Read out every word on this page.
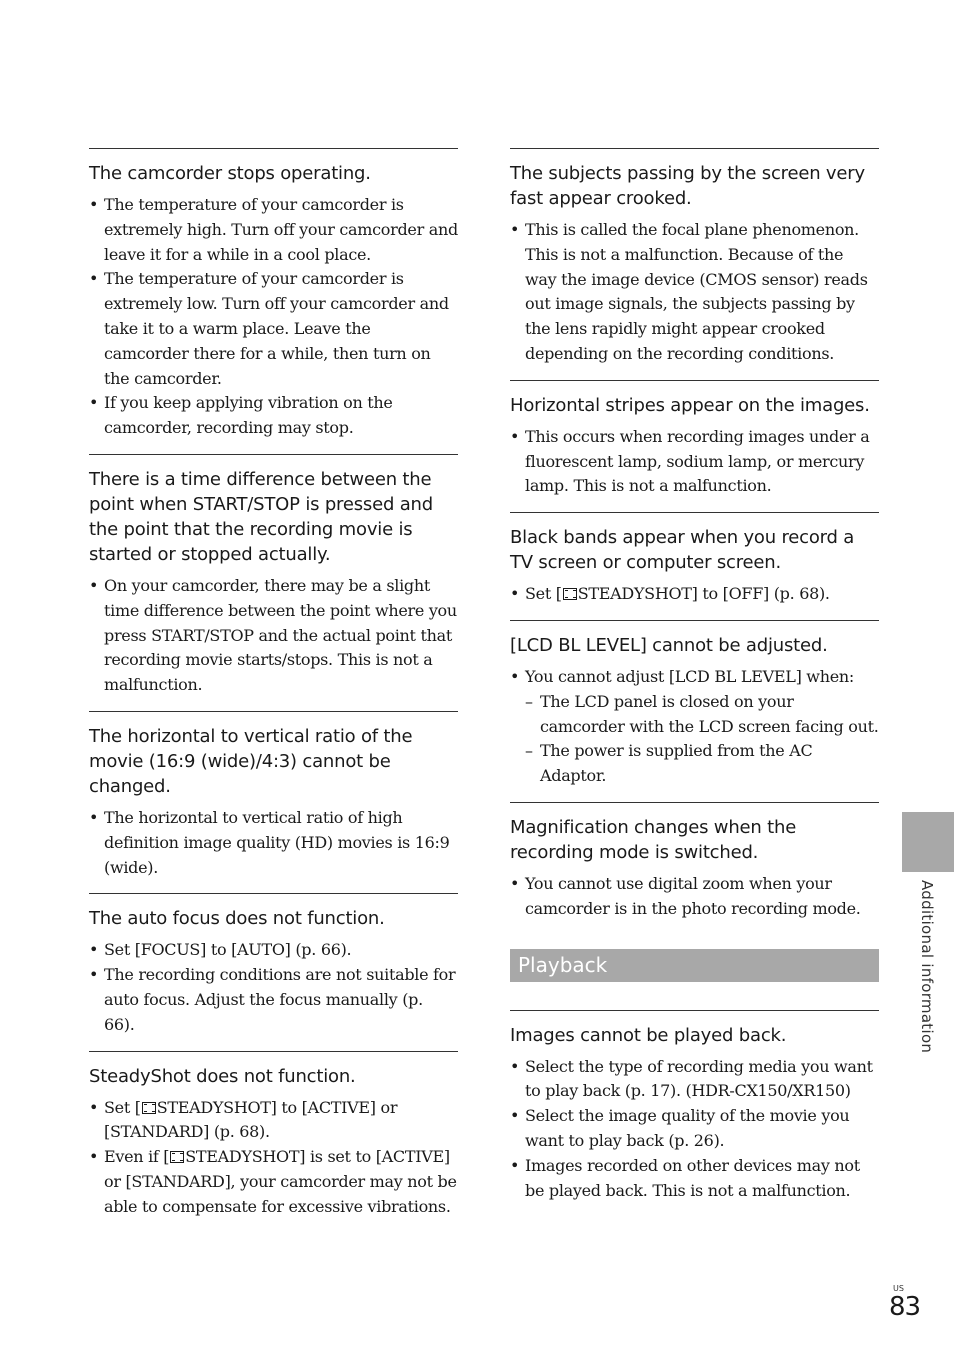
The camcorder stops operating.
• The temperature of your camcorder is extremely high. Turn off your camcorder and leave it for a while in a cool place.
• The temperature of your camcorder is extremely low. Turn off your camcorder and take it to a warm place. Leave the camcorder there for a while, then turn on the camcorder.
• If you keep applying vibration on the camcorder, recording may stop.
There is a time difference between the point when START/STOP is pressed and the point that the recording movie is started or stopped actually.
• On your camcorder, there may be a slight time difference between the point where you press START/STOP and the actual point that recording movie starts/stops. This is not a malfunction.
The horizontal to vertical ratio of the movie (16:9 (wide)/4:3) cannot be changed.
• The horizontal to vertical ratio of high definition image quality (HD) movies is 16:9 (wide).
The auto focus does not function.
• Set [FOCUS] to [AUTO] (p. 66).
• The recording conditions are not suitable for auto focus. Adjust the focus manually (p. 66).
SteadyShot does not function.
• Set [ STEADYSHOT] to [ACTIVE] or [STANDARD] (p. 68).
• Even if [ STEADYSHOT] is set to [ACTIVE] or [STANDARD], your camcorder may not be able to compensate for excessive vibrations.
The subjects passing by the screen very fast appear crooked.
• This is called the focal plane phenomenon. This is not a malfunction. Because of the way the image device (CMOS sensor) reads out image signals, the subjects passing by the lens rapidly might appear crooked depending on the recording conditions.
Horizontal stripes appear on the images.
• This occurs when recording images under a fluorescent lamp, sodium lamp, or mercury lamp. This is not a malfunction.
Black bands appear when you record a TV screen or computer screen.
• Set [ STEADYSHOT] to [OFF] (p. 68).
[LCD BL LEVEL] cannot be adjusted.
• You cannot adjust [LCD BL LEVEL] when:
– The LCD panel is closed on your camcorder with the LCD screen facing out.
– The power is supplied from the AC Adaptor.
Magnification changes when the recording mode is switched.
• You cannot use digital zoom when your camcorder is in the photo recording mode.
Playback
Images cannot be played back.
• Select the type of recording media you want to play back (p. 17). (HDR-CX150/XR150)
• Select the image quality of the movie you want to play back (p. 26).
• Images recorded on other devices may not be played back. This is not a malfunction.
Additional information
US
83
